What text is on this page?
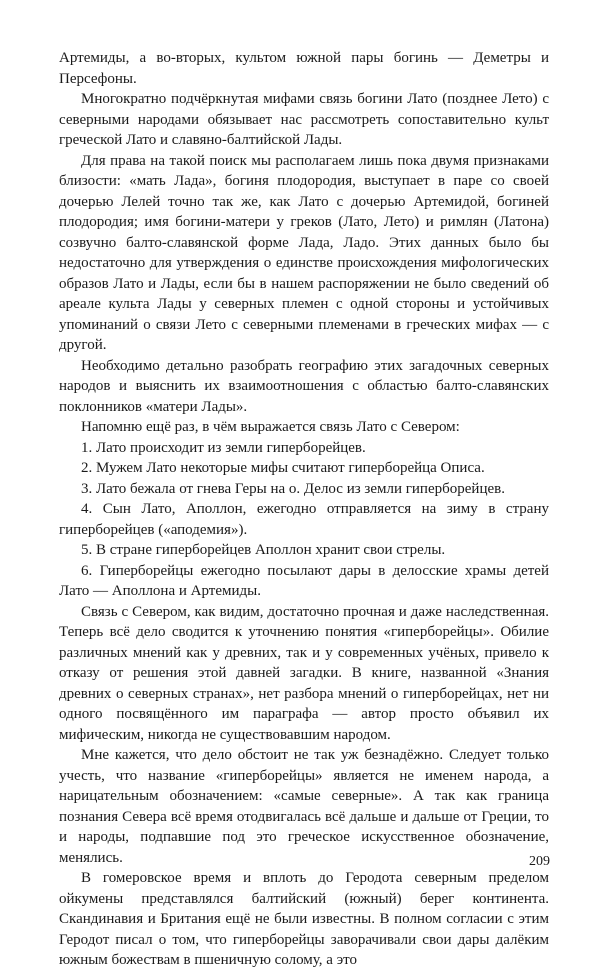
Артемиды, а во-вторых, культом южной пары богинь — Деметры и Персефоны.

Многократно подчёркнутая мифами связь богини Лато (позднее Лето) с северными народами обязывает нас рассмотреть сопоставительно культ греческой Лато и славяно-балтийской Лады.

Для права на такой поиск мы располагаем лишь пока двумя признаками близости: «мать Лада», богиня плодородия, выступает в паре со своей дочерью Лелей точно так же, как Лато с дочерью Артемидой, богиней плодородия; имя богини-матери у греков (Лато, Лето) и римлян (Латона) созвучно балто-славянской форме Лада, Ладо. Этих данных было бы недостаточно для утверждения о единстве происхождения мифологических образов Лато и Лады, если бы в нашем распоряжении не было сведений об ареале культа Лады у северных племен с одной стороны и устойчивых упоминаний о связи Лето с северными племенами в греческих мифах — с другой.

Необходимо детально разобрать географию этих загадочных северных народов и выяснить их взаимоотношения с областью балто-славянских поклонников «матери Лады».

Напомню ещё раз, в чём выражается связь Лато с Севером:

1. Лато происходит из земли гиперборейцев.

2. Мужем Лато некоторые мифы считают гиперборейца Описа.

3. Лато бежала от гнева Геры на о. Делос из земли гиперборейцев.

4. Сын Лато, Аполлон, ежегодно отправляется на зиму в страну гиперборейцев («аподемия»).

5. В стране гиперборейцев Аполлон хранит свои стрелы.

6. Гиперборейцы ежегодно посылают дары в делосские храмы детей Лато — Аполлона и Артемиды.

Связь с Севером, как видим, достаточно прочная и даже наследственная. Теперь всё дело сводится к уточнению понятия «гиперборейцы». Обилие различных мнений как у древних, так и у современных учёных, привело к отказу от решения этой давней загадки. В книге, названной «Знания древних о северных странах», нет разбора мнений о гиперборейцах, нет ни одного посвящённого им параграфа — автор просто объявил их мифическим, никогда не существовавшим народом.

Мне кажется, что дело обстоит не так уж безнадёжно. Следует только учесть, что название «гиперборейцы» является не именем народа, а нарицательным обозначением: «самые северные». А так как граница познания Севера всё время отодвигалась всё дальше и дальше от Греции, то и народы, подпавшие под это греческое искусственное обозначение, менялись.

В гомеровское время и вплоть до Геродота северным пределом ойкумены представлялся балтийский (южный) берег континента. Скандинавия и Британия ещё не были известны. В полном согласии с этим Геродот писал о том, что гиперборейцы заворачивали свои дары далёким южным божествам в пшеничную солому, а это

209
